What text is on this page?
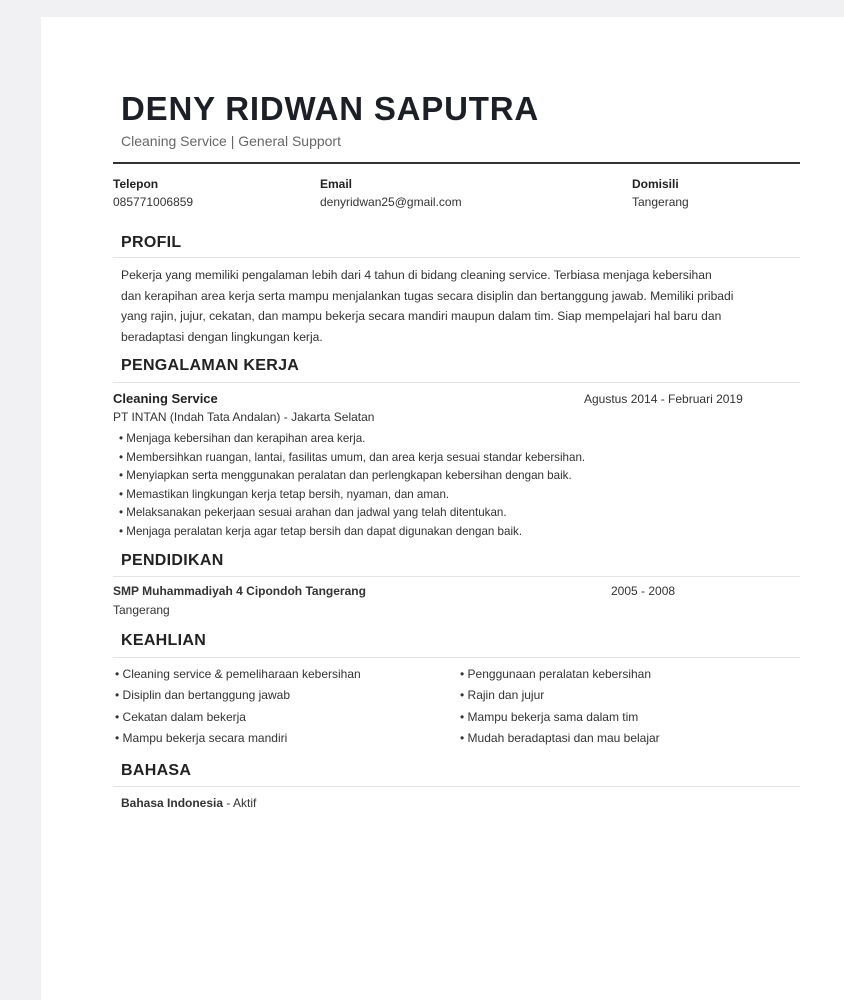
DENY RIDWAN SAPUTRA
Cleaning Service | General Support
Telepon
085771006859
Email
denyridwan25@gmail.com
Domisili
Tangerang
PROFIL

Pekerja yang memiliki pengalaman lebih dari 4 tahun di bidang cleaning service. Terbiasa menjaga kebersihan

dan kerapihan area kerja serta mampu menjalankan tugas secara disiplin dan bertanggung jawab. Memiliki pribadi

yang rajin, jujur, cekatan, dan mampu bekerja secara mandiri maupun dalam tim. Siap mempelajari hal baru dan

beradaptasi dengan lingkungan kerja.

PENGALAMAN KERJA
Cleaning Service	Agustus 2014 - Februari 2019
PT INTAN (Indah Tata Andalan) - Jakarta Selatan
• Menjaga kebersihan dan kerapihan area kerja.
• Membersihkan ruangan, lantai, fasilitas umum, dan area kerja sesuai standar kebersihan.
• Menyiapkan serta menggunakan peralatan dan perlengkapan kebersihan dengan baik.
• Memastikan lingkungan kerja tetap bersih, nyaman, dan aman.
• Melaksanakan pekerjaan sesuai arahan dan jadwal yang telah ditentukan.
• Menjaga peralatan kerja agar tetap bersih dan dapat digunakan dengan baik.
PENDIDIKAN
SMP Muhammadiyah 4 Cipondoh Tangerang	2005 - 2008
Tangerang
KEAHLIAN
• Cleaning service & pemeliharaan kebersihan
• Disiplin dan bertanggung jawab
• Cekatan dalam bekerja
• Mampu bekerja secara mandiri
• Penggunaan peralatan kebersihan
• Rajin dan jujur
• Mampu bekerja sama dalam tim
• Mudah beradaptasi dan mau belajar
BAHASA
Bahasa Indonesia - Aktif
